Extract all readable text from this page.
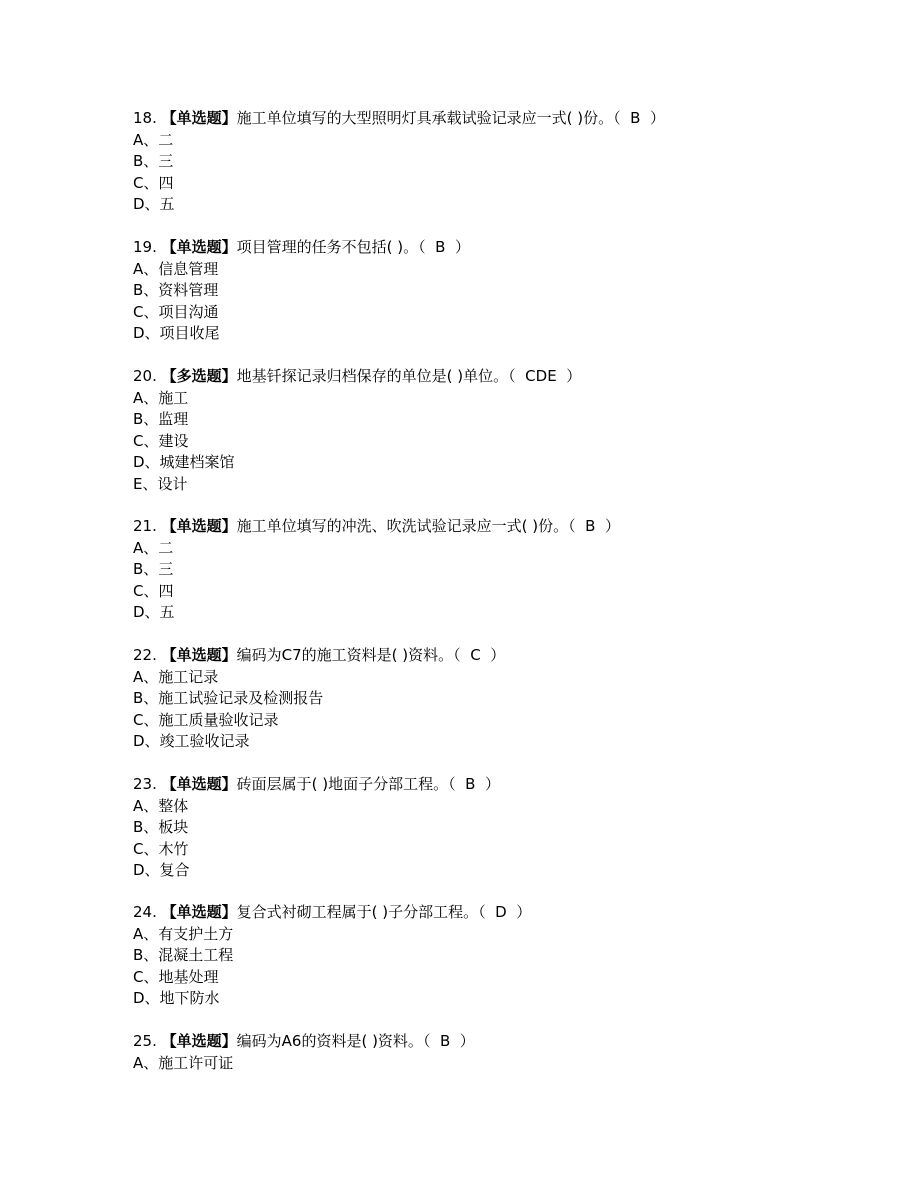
18. 【单选题】施工单位填写的大型照明灯具承载试验记录应一式( )份。（  B  ）
A、二
B、三
C、四
D、五
19. 【单选题】项目管理的任务不包括( )。（  B  ）
A、信息管理
B、资料管理
C、项目沟通
D、项目收尾
20. 【多选题】地基钎探记录归档保存的单位是( )单位。（  CDE  ）
A、施工
B、监理
C、建设
D、城建档案馆
E、设计
21. 【单选题】施工单位填写的冲洗、吹洗试验记录应一式( )份。（  B  ）
A、二
B、三
C、四
D、五
22. 【单选题】编码为C7的施工资料是( )资料。（  C  ）
A、施工记录
B、施工试验记录及检测报告
C、施工质量验收记录
D、竣工验收记录
23. 【单选题】砖面层属于( )地面子分部工程。（  B  ）
A、整体
B、板块
C、木竹
D、复合
24. 【单选题】复合式衬砌工程属于( )子分部工程。（  D  ）
A、有支护土方
B、混凝土工程
C、地基处理
D、地下防水
25. 【单选题】编码为A6的资料是( )资料。（  B  ）
A、施工许可证
